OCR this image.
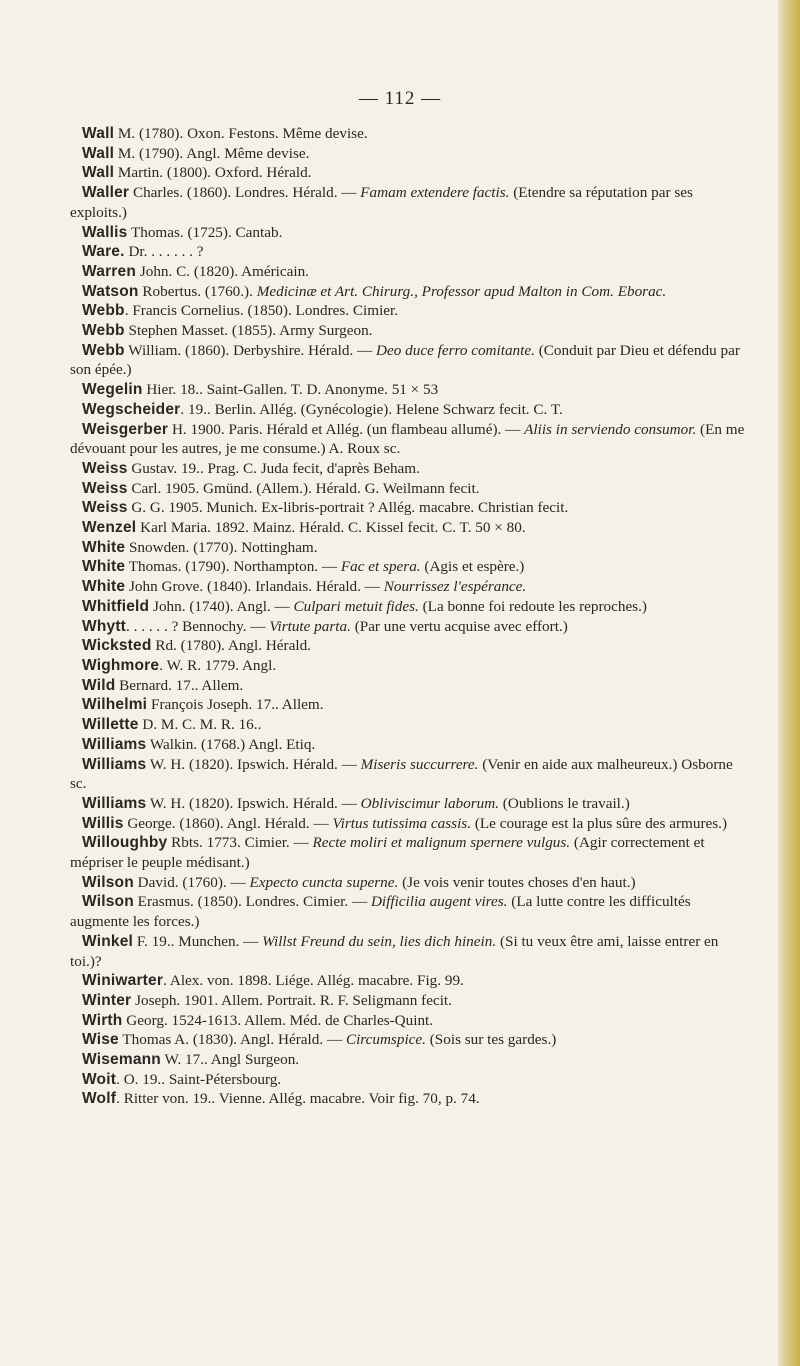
— 112 —

Wall M. (1780). Oxon. Festons. Même devise.

Wall M. (1790). Angl. Même devise.

Wall Martin. (1800). Oxford. Hérald.

Waller Charles. (1860). Londres. Hérald. — Famam extendere factis. (Etendre sa réputation par ses exploits.)

Wallis Thomas. (1725). Cantab.

Ware. Dr. . . . . . . ?

Warren John. C. (1820). Américain.

Watson Robertus. (1760.). Medicinæ et Art. Chirurg., Professor apud Malton in Com. Eborac.

Webb. Francis Cornelius. (1850). Londres. Cimier.

Webb Stephen Masset. (1855). Army Surgeon.

Webb William. (1860). Derbyshire. Hérald. — Deo duce ferro comitante. (Conduit par Dieu et défendu par son épée.)

Wegelin Hier. 18.. Saint-Gallen. T. D. Anonyme. 51 × 53

Wegscheider. 19.. Berlin. Allég. (Gynécologie). Helene Schwarz fecit. C. T.

Weisgerber H. 1900. Paris. Hérald et Allég. (un flambeau allumé). — Aliis in serviendo consumor. (En me dévouant pour les autres, je me consume.) A. Roux sc.

Weiss Gustav. 19.. Prag. C. Juda fecit, d'après Beham.

Weiss Carl. 1905. Gmünd. (Allem.). Hérald. G. Weilmann fecit.

Weiss G. G. 1905. Munich. Ex-libris-portrait ? Allég. macabre. Christian fecit.

Wenzel Karl Maria. 1892. Mainz. Hérald. C. Kissel fecit. C. T. 50 × 80.

White Snowden. (1770). Nottingham.

White Thomas. (1790). Northampton. — Fac et spera. (Agis et espère.)

White John Grove. (1840). Irlandais. Hérald. — Nourrissez l'espérance.

Whitfield John. (1740). Angl. — Culpari metuit fides. (La bonne foi redoute les reproches.)

Whytt. . . . . . ? Bennochy. — Virtute parta. (Par une vertu acquise avec effort.)

Wicksted Rd. (1780). Angl. Hérald.

Wighmore. W. R. 1779. Angl.

Wild Bernard. 17.. Allem.

Wilhelmi François Joseph. 17.. Allem.

Willette D. M. C. M. R. 16..

Williams Walkin. (1768.) Angl. Etiq.

Williams W. H. (1820). Ipswich. Hérald. — Miseris succurrere. (Venir en aide aux malheureux.) Osborne sc.

Williams W. H. (1820). Ipswich. Hérald. — Obliviscimur laborum. (Oublions le travail.)

Willis George. (1860). Angl. Hérald. — Virtus tutissima cassis. (Le courage est la plus sûre des armures.)

Willoughby Rbts. 1773. Cimier. — Recte moliri et malignum spernere vulgus. (Agir correctement et mépriser le peuple médisant.)

Wilson David. (1760). — Expecto cuncta superne. (Je vois venir toutes choses d'en haut.)

Wilson Erasmus. (1850). Londres. Cimier. — Difficilia augent vires. (La lutte contre les difficultés augmente les forces.)

Winkel F. 19.. Munchen. — Willst Freund du sein, lies dich hinein. (Si tu veux être ami, laisse entrer en toi.)?

Winiwarter. Alex. von. 1898. Liége. Allég. macabre. Fig. 99.

Winter Joseph. 1901. Allem. Portrait. R. F. Seligmann fecit.

Wirth Georg. 1524-1613. Allem. Méd. de Charles-Quint.

Wise Thomas A. (1830). Angl. Hérald. — Circumspice. (Sois sur tes gardes.)

Wisemann W. 17.. Angl Surgeon.

Woit. O. 19.. Saint-Pétersbourg.

Wolf. Ritter von. 19.. Vienne. Allég. macabre. Voir fig. 70, p. 74.
